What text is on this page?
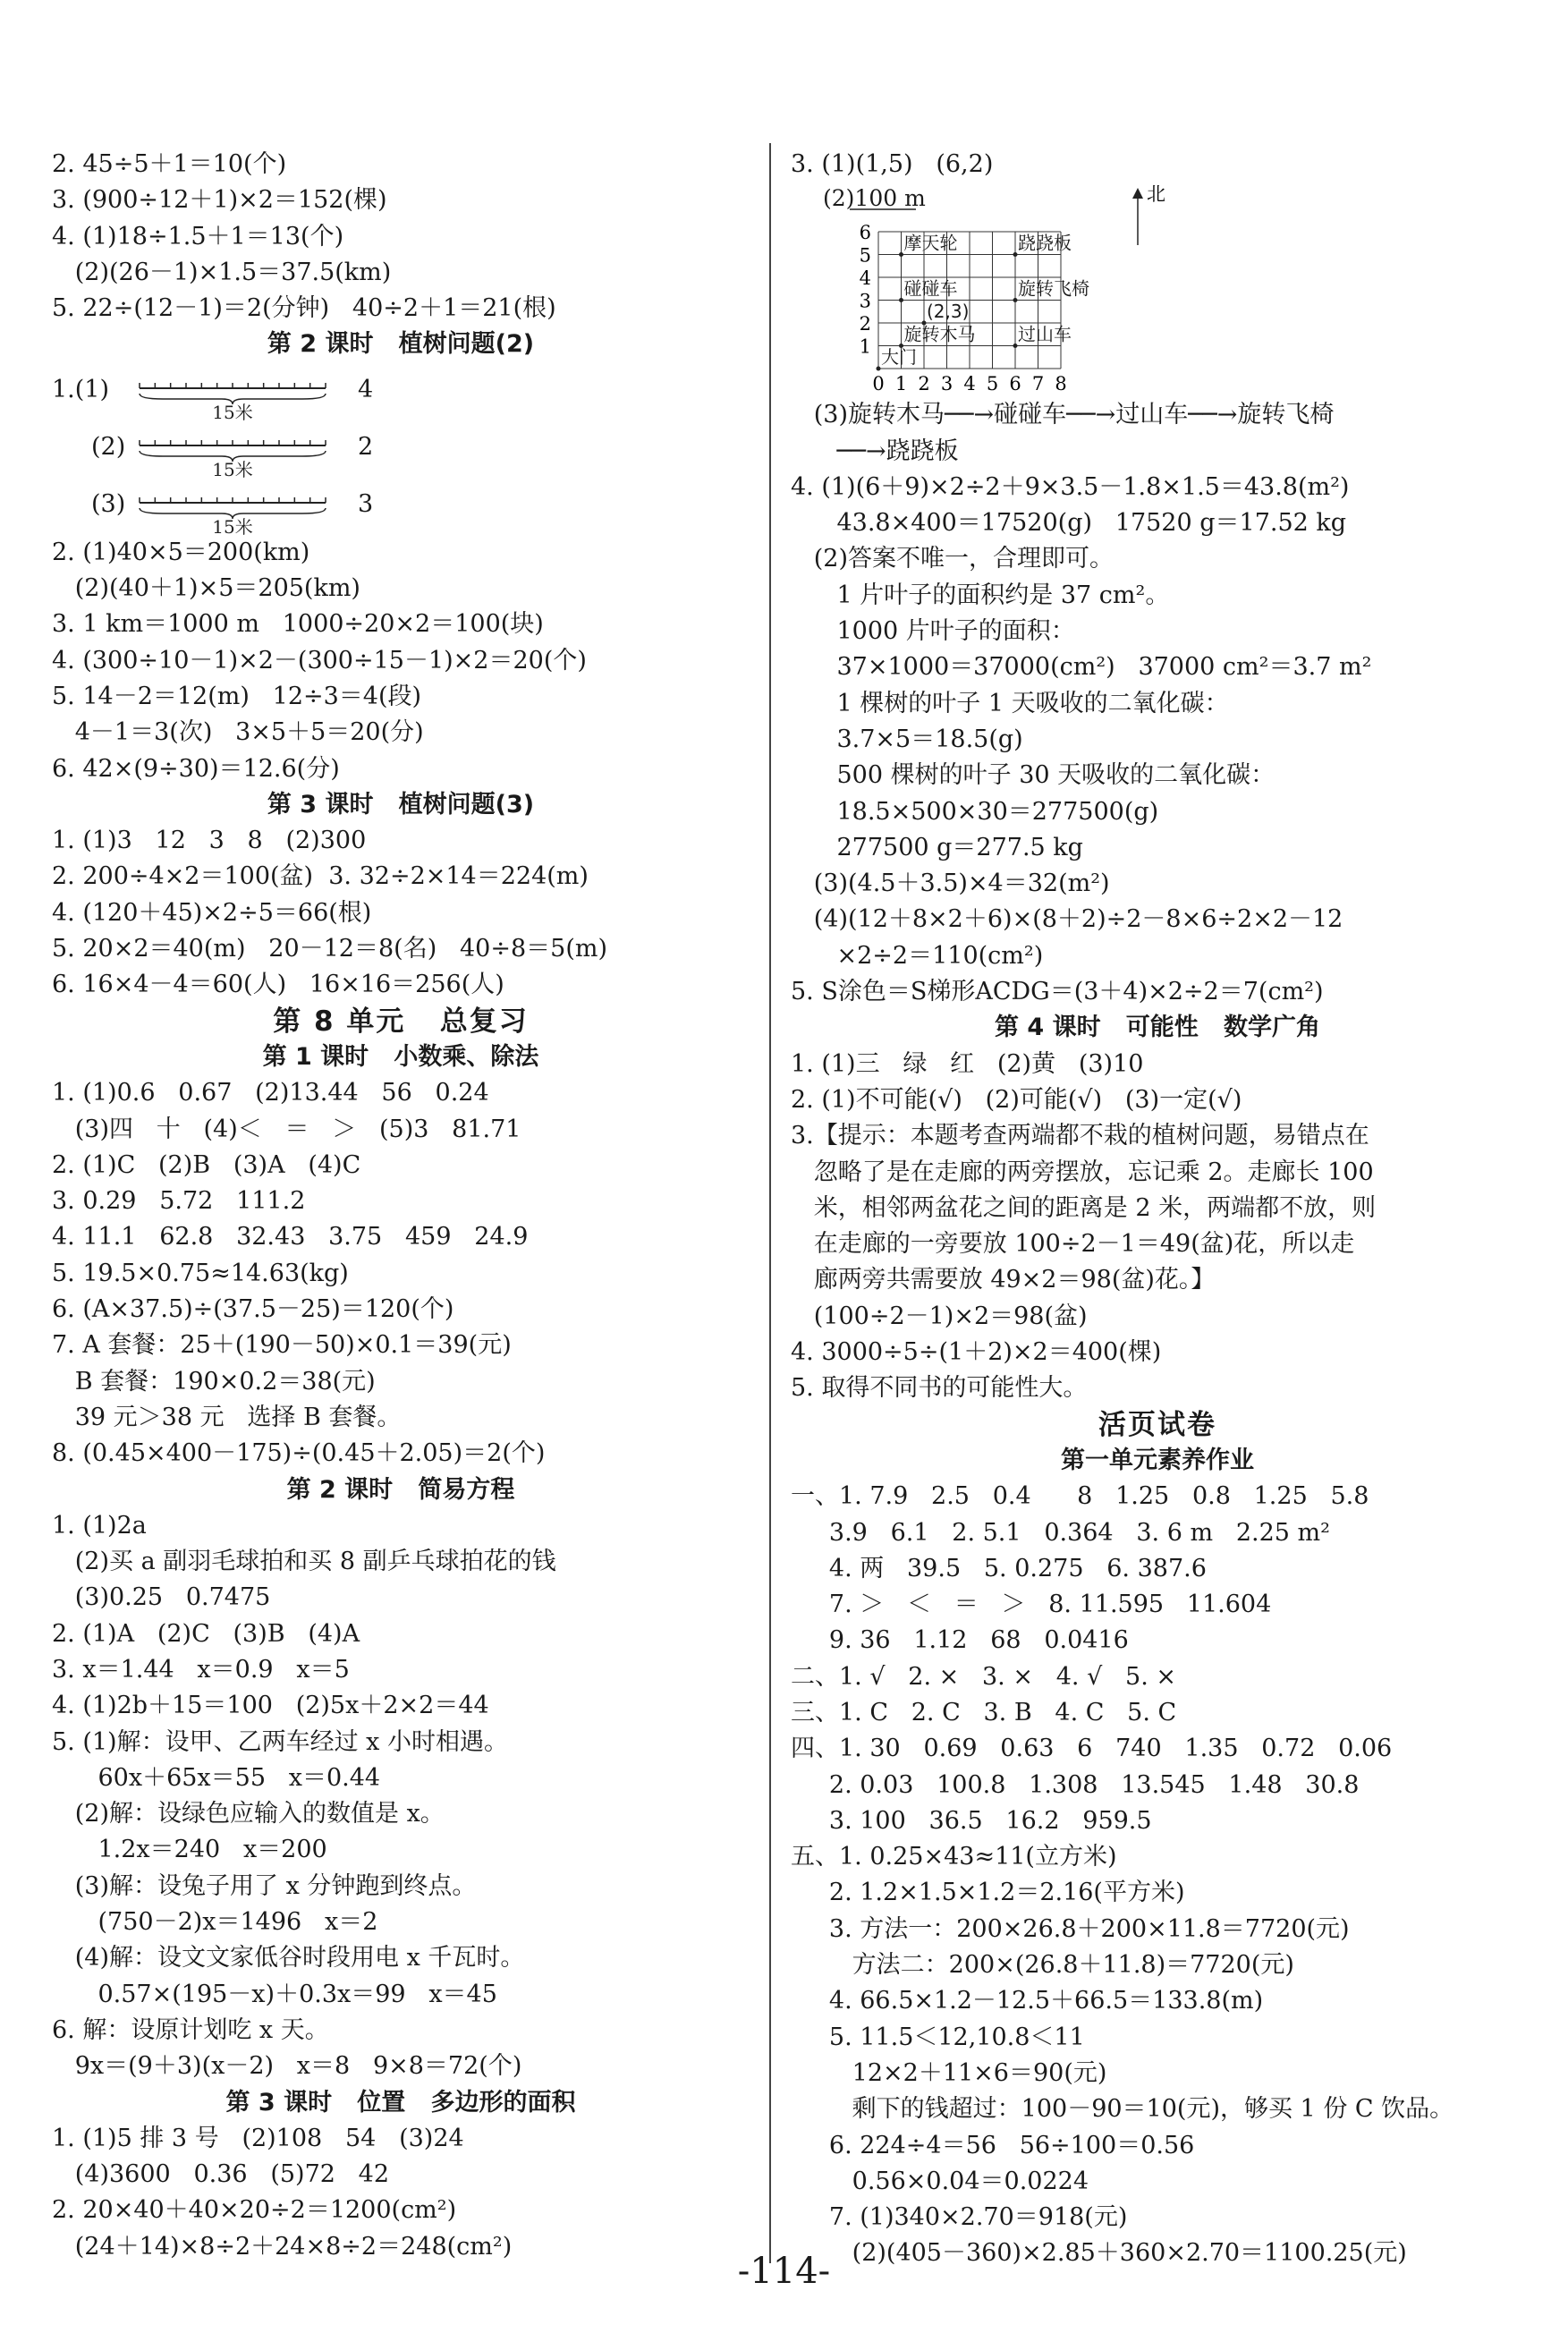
2. 45÷5＋1＝10(个)
3. (900÷12＋1)×2＝152(棵)
4. (1)18÷1.5＋1＝13(个)
(2)(26－1)×1.5＝37.5(km)
5. 22÷(12－1)＝2(分钟)   40÷2＋1＝21(根)
第 2 课时   植树问题(2)
1.(1)
15米
4
(2)
15米
2
(3)
15米
3
2. (1)40×5＝200(km)
(2)(40＋1)×5＝205(km)
3. 1 km＝1000 m   1000÷20×2＝100(块)
4. (300÷10－1)×2－(300÷15－1)×2＝20(个)
5. 14－2＝12(m)   12÷3＝4(段)
4－1＝3(次)   3×5＋5＝20(分)
6. 42×(9÷30)＝12.6(分)
第 3 课时   植树问题(3)
1. (1)3   12   3   8   (2)300
2. 200÷4×2＝100(盆)  3. 32÷2×14＝224(m)
4. (120＋45)×2÷5＝66(根)
5. 20×2＝40(m)   20－12＝8(名)   40÷8＝5(m)
6. 16×4－4＝60(人)   16×16＝256(人)
第 8 单元   总复习
第 1 课时   小数乘、除法
1. (1)0.6   0.67   (2)13.44   56   0.24
(3)四   十   (4)＜   ＝   ＞   (5)3   81.71
2. (1)C   (2)B   (3)A   (4)C
3. 0.29   5.72   111.2
4. 11.1   62.8   32.43   3.75   459   24.9
5. 19.5×0.75≈14.63(kg)
6. (A×37.5)÷(37.5－25)＝120(个)
7. A 套餐：25＋(190－50)×0.1＝39(元)
B 套餐：190×0.2＝38(元)
39 元＞38 元   选择 B 套餐。
8. (0.45×400－175)÷(0.45＋2.05)＝2(个)
第 2 课时   简易方程
1. (1)2a
(2)买 a 副羽毛球拍和买 8 副乒乓球拍花的钱
(3)0.25   0.7475
2. (1)A   (2)C   (3)B   (4)A
3. x＝1.44   x＝0.9   x＝5
4. (1)2b＋15＝100   (2)5x＋2×2＝44
5. (1)解：设甲、乙两车经过 x 小时相遇。
60x＋65x＝55   x＝0.44
(2)解：设绿色应输入的数值是 x。
1.2x＝240   x＝200
(3)解：设兔子用了 x 分钟跑到终点。
(750－2)x＝1496   x＝2
(4)解：设文文家低谷时段用电 x 千瓦时。
0.57×(195－x)＋0.3x＝99   x＝45
6. 解：设原计划吃 x 天。
9x＝(9＋3)(x－2)   x＝8   9×8＝72(个)
第 3 课时   位置   多边形的面积
1. (1)5 排 3 号   (2)108   54   (3)24
(4)3600   0.36   (5)72   42
2. 20×40＋40×20÷2＝1200(cm²)
(24＋14)×8÷2＋24×8÷2＝248(cm²)
3. (1)(1,5)   (6,2)
(2)100 m
0 1 2 3 4 5 6 7 8
1
2
3
4
5
6
北
摩天轮	跷跷板
碰碰车	旋转飞椅
(2,3)
旋转木马 过山车
大门
(3)旋转木马──→碰碰车──→过山车──→旋转飞椅
──→跷跷板
4. (1)(6＋9)×2÷2＋9×3.5－1.8×1.5＝43.8(m²)
43.8×400＝17520(g)   17520 g＝17.52 kg
(2)答案不唯一，合理即可。
1 片叶子的面积约是 37 cm²。
1000 片叶子的面积：
37×1000＝37000(cm²)   37000 cm²＝3.7 m²
1 棵树的叶子 1 天吸收的二氧化碳：
3.7×5＝18.5(g)
500 棵树的叶子 30 天吸收的二氧化碳：
18.5×500×30＝277500(g)
277500 g＝277.5 kg
(3)(4.5＋3.5)×4＝32(m²)
(4)(12＋8×2＋6)×(8＋2)÷2－8×6÷2×2－12
×2÷2＝110(cm²)
5. S涂色＝S梯形ACDG＝(3＋4)×2÷2＝7(cm²)
第 4 课时   可能性   数学广角
1. (1)三   绿   红   (2)黄   (3)10
2. (1)不可能(√)   (2)可能(√)   (3)一定(√)
3.【提示：本题考查两端都不栽的植树问题，易错点在
忽略了是在走廊的两旁摆放，忘记乘 2。走廊长 100
米，相邻两盆花之间的距离是 2 米，两端都不放，则
在走廊的一旁要放 100÷2－1＝49(盆)花，所以走
廊两旁共需要放 49×2＝98(盆)花。】
(100÷2－1)×2＝98(盆)
4. 3000÷5÷(1＋2)×2＝400(棵)
5. 取得不同书的可能性大。
活页试卷
第一单元素养作业
一、1. 7.9   2.5   0.4      8   1.25   0.8   1.25   5.8
3.9   6.1   2. 5.1   0.364   3. 6 m   2.25 m²
4. 两   39.5   5. 0.275   6. 387.6
7. ＞   ＜   ＝   ＞   8. 11.595   11.604
9. 36   1.12   68   0.0416
二、1. √   2. ×   3. ×   4. √   5. ×
三、1. C   2. C   3. B   4. C   5. C
四、1. 30   0.69   0.63   6   740   1.35   0.72   0.06
2. 0.03   100.8   1.308   13.545   1.48   30.8
3. 100   36.5   16.2   959.5
五、1. 0.25×43≈11(立方米)
2. 1.2×1.5×1.2＝2.16(平方米)
3. 方法一：200×26.8＋200×11.8＝7720(元)
方法二：200×(26.8＋11.8)＝7720(元)
4. 66.5×1.2－12.5＋66.5＝133.8(m)
5. 11.5＜12,10.8＜11
12×2＋11×6＝90(元)
剩下的钱超过：100－90＝10(元)，够买 1 份 C 饮品。
6. 224÷4＝56   56÷100＝0.56
0.56×0.04＝0.0224
7. (1)340×2.70＝918(元)
(2)(405－360)×2.85＋360×2.70＝1100.25(元)
-114-
